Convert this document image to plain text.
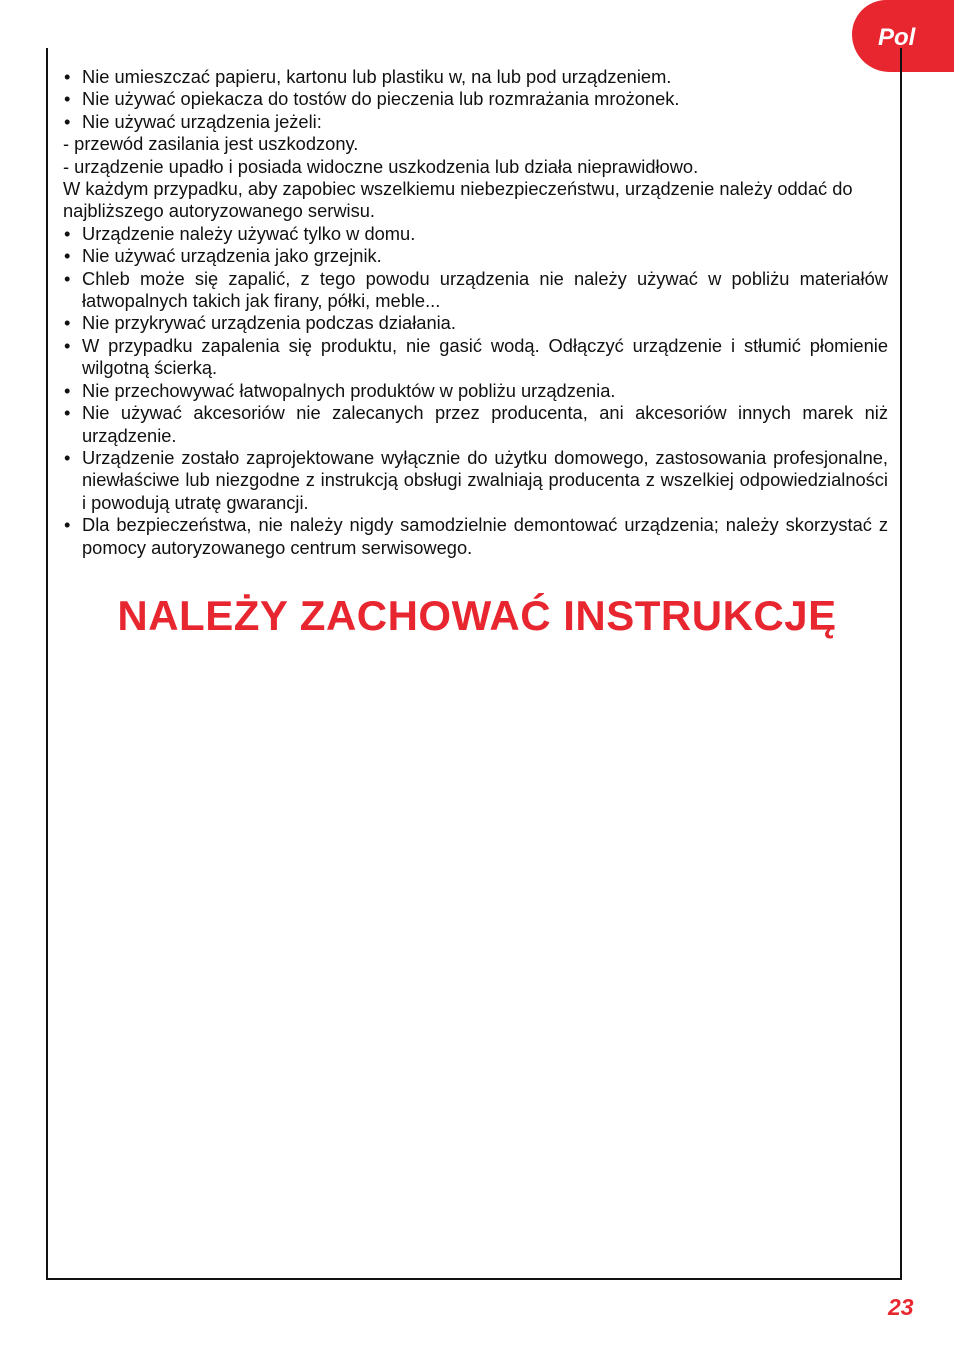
Pol

• Nie umieszczać papieru, kartonu lub plastiku w, na lub pod urządzeniem.

• Nie używać opiekacza do tostów do pieczenia lub rozmrażania mrożonek.

• Nie używać urządzenia jeżeli:

- przewód zasilania jest uszkodzony.

- urządzenie upadło i posiada widoczne uszkodzenia lub działa nieprawidłowo.

W każdym przypadku, aby zapobiec wszelkiemu niebezpieczeństwu, urządzenie należy oddać do najbliższego autoryzowanego serwisu.

• Urządzenie należy używać tylko w domu.

• Nie używać urządzenia jako grzejnik.

• Chleb może się zapalić, z tego powodu urządzenia nie należy używać w pobliżu materiałów łatwopalnych takich jak firany, półki, meble...

• Nie przykrywać urządzenia podczas działania.

• W przypadku zapalenia się produktu, nie gasić wodą. Odłączyć urządzenie i stłumić płomienie wilgotną ścierką.

• Nie przechowywać łatwopalnych produktów w pobliżu urządzenia.

• Nie używać akcesoriów nie zalecanych przez producenta, ani akcesoriów innych marek niż urządzenie.

• Urządzenie zostało zaprojektowane wyłącznie do użytku domowego, zastosowania profesjonalne, niewłaściwe lub niezgodne z instrukcją obsługi zwalniają producenta z wszelkiej odpowiedzialności i powodują utratę gwarancji.

• Dla bezpieczeństwa, nie należy nigdy samodzielnie demontować urządzenia; należy skorzystać z pomocy autoryzowanego centrum serwisowego.

NALEŻY ZACHOWAĆ INSTRUKCJĘ
23
